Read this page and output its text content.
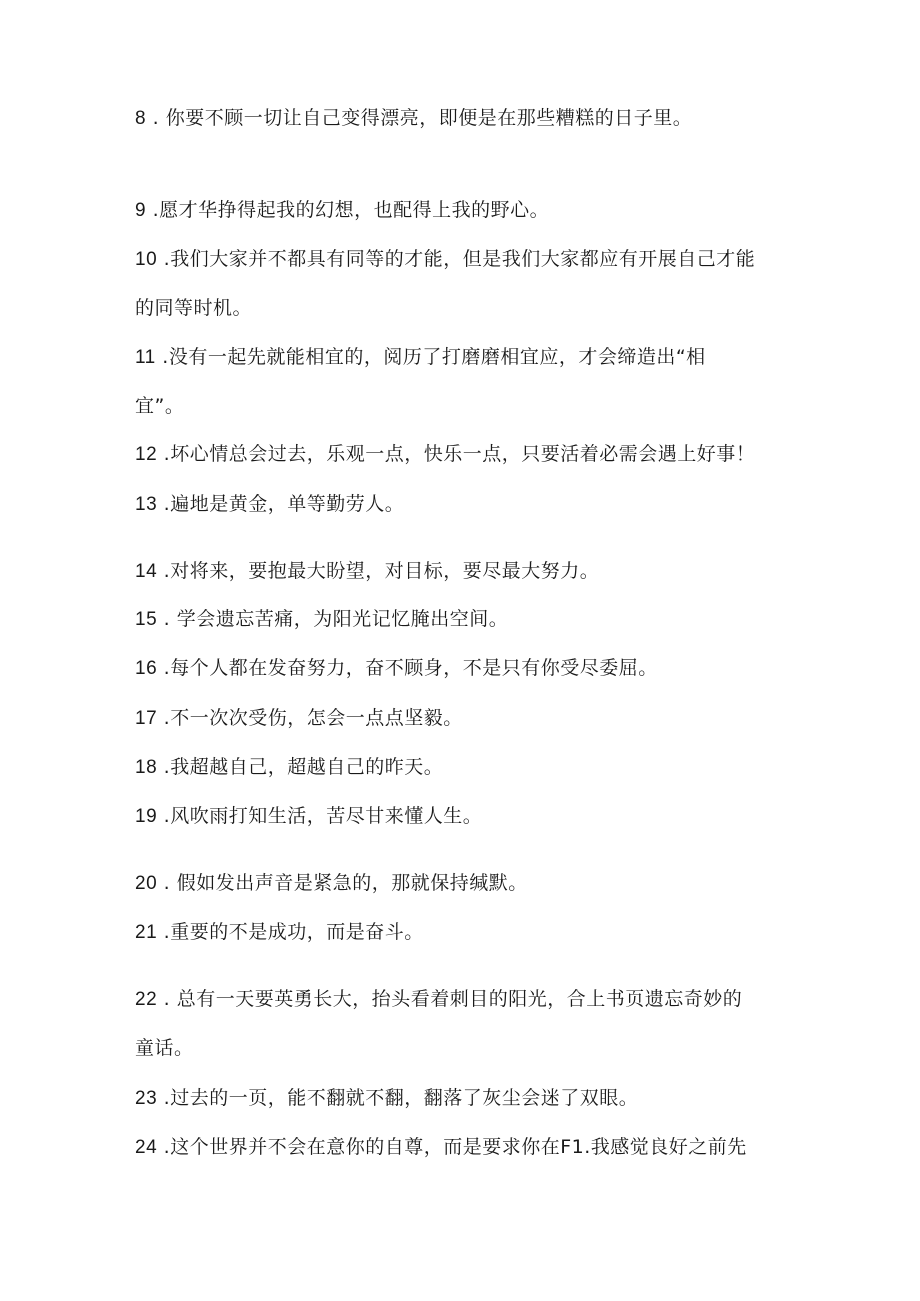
8 . 你要不顾一切让自己变得漂亮，即便是在那些糟糕的日子里。
9 .愿才华挣得起我的幻想，也配得上我的野心。
10 .我们大家并不都具有同等的才能，但是我们大家都应有开展自己才能
的同等时机。
11 .没有一起先就能相宜的，阅历了打磨磨相宜应，才会缔造出“相
宜”。
12 .坏心情总会过去，乐观一点，快乐一点，只要活着必需会遇上好事！
13 .遍地是黄金，单等勤劳人。
14 .对将来，要抱最大盼望，对目标，要尽最大努力。
15 . 学会遗忘苦痛，为阳光记忆腌出空间。
16 .每个人都在发奋努力，奋不顾身，不是只有你受尽委屈。
17 .不一次次受伤，怎会一点点坚毅。
18 .我超越自己，超越自己的昨天。
19 .风吹雨打知生活，苦尽甘来懂人生。
20 . 假如发出声音是紧急的，那就保持缄默。
21 .重要的不是成功，而是奋斗。
22 . 总有一天要英勇长大，抬头看着刺目的阳光，合上书页遗忘奇妙的
童话。
23 .过去的一页，能不翻就不翻，翻落了灰尘会迷了双眼。
24 .这个世界并不会在意你的自尊，而是要求你在F1.我感觉良好之前先
